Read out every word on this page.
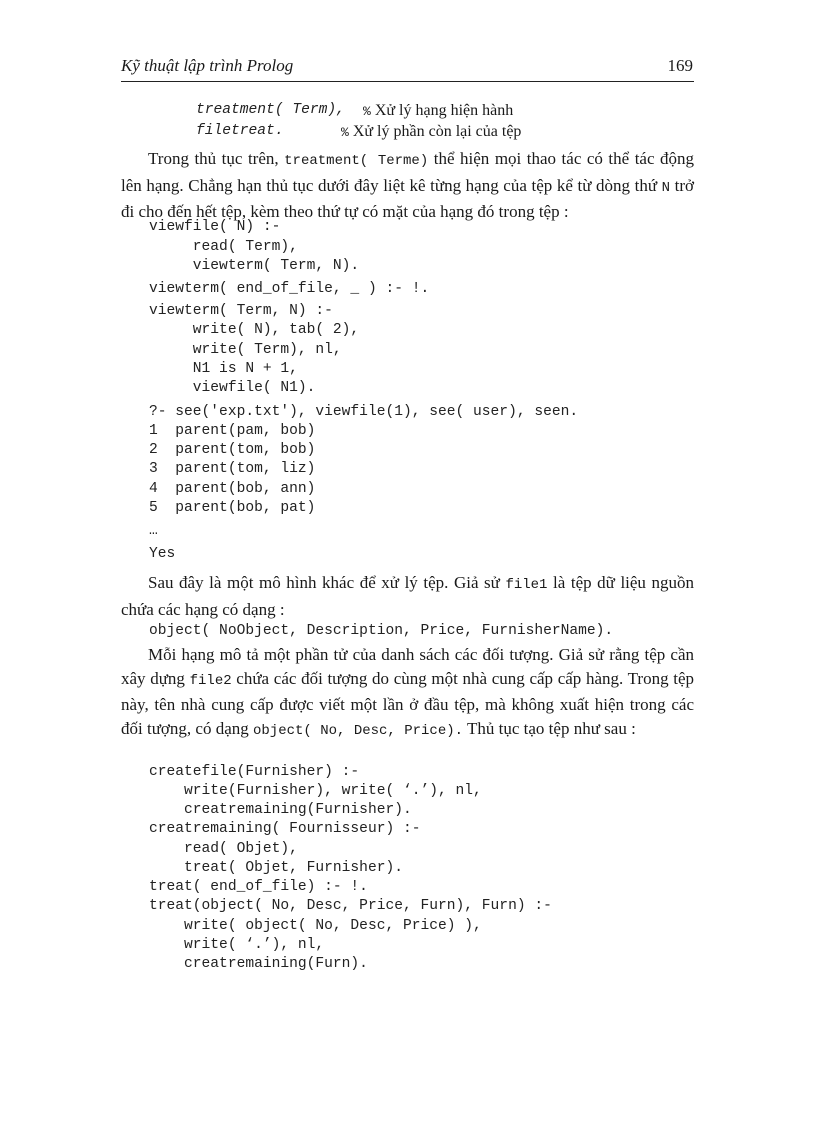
Kỹ thuật lập trình Prolog	169
treatment( Term), % Xử lý hạng hiện hành
filetreat.	% Xử lý phần còn lại của tệp
Trong thủ tục trên, treatment( Terme) thể hiện mọi thao tác có thể tác động lên hạng. Chẳng hạn thủ tục dưới đây liệt kê từng hạng của tệp kể từ dòng thứ N trở đi cho đến hết tệp, kèm theo thứ tự có mặt của hạng đó trong tệp :
viewfile( N) :-
read( Term),
viewterm( Term, N).
viewterm( end_of_file, _ ) :- !.
viewterm( Term, N) :-
write( N), tab( 2),
write( Term), nl,
N1 is N + 1,
viewfile( N1).
?- see('exp.txt'), viewfile(1), see( user), seen.
1  parent(pam, bob)
2  parent(tom, bob)
3  parent(tom, liz)
4  parent(bob, ann)
5  parent(bob, pat)
…
Yes
Sau đây là một mô hình khác để xử lý tệp. Giả sử file1 là tệp dữ liệu nguồn chứa các hạng có dạng :
object( NoObject, Description, Price, FurnisherName).
Mỗi hạng mô tả một phần tử của danh sách các đối tượng. Giả sử rằng tệp cần xây dựng file2 chứa các đối tượng do cùng một nhà cung cấp cấp hàng. Trong tệp này, tên nhà cung cấp được viết một lần ở đầu tệp, mà không xuất hiện trong các đối tượng, có dạng object( No, Desc, Price). Thủ tục tạo tệp như sau :
createfile(Furnisher) :-
write(Furnisher), write( ‘.’), nl,
creatremaining(Furnisher).
creatremaining( Fournisseur) :-
read( Objet),
treat( Objet, Furnisher).
treat( end_of_file) :- !.
treat(object( No, Desc, Price, Furn), Furn) :-
write( object( No, Desc, Price) ),
write( ‘.’), nl,
creatremaining(Furn).
